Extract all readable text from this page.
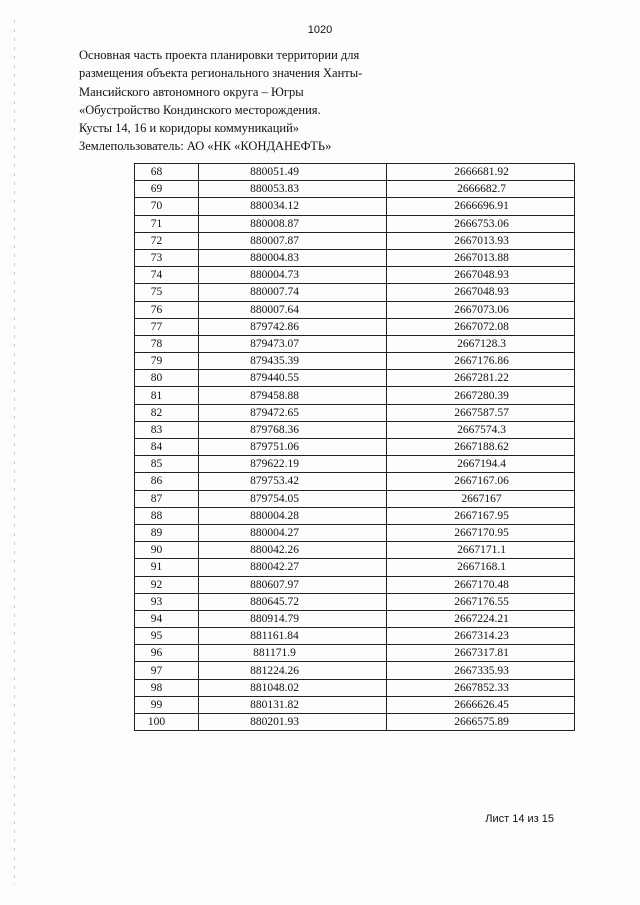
1020
Основная часть проекта планировки территории для
размещения объекта регионального значения Ханты-
Мансийского автономного округа – Югры
«Обустройство Кондинского месторождения.
Кусты 14, 16 и коридоры коммуникаций»
Землепользователь: АО «НК «КОНДАНЕФТЬ»
68	880051.49	2666681.92
69	880053.83	2666682.7
70	880034.12	2666696.91
71	880008.87	2666753.06
72	880007.87	2667013.93
73	880004.83	2667013.88
74	880004.73	2667048.93
75	880007.74	2667048.93
76	880007.64	2667073.06
77	879742.86	2667072.08
78	879473.07	2667128.3
79	879435.39	2667176.86
80	879440.55	2667281.22
81	879458.88	2667280.39
82	879472.65	2667587.57
83	879768.36	2667574.3
84	879751.06	2667188.62
85	879622.19	2667194.4
86	879753.42	2667167.06
87	879754.05	2667167
88	880004.28	2667167.95
89	880004.27	2667170.95
90	880042.26	2667171.1
91	880042.27	2667168.1
92	880607.97	2667170.48
93	880645.72	2667176.55
94	880914.79	2667224.21
95	881161.84	2667314.23
96	881171.9	2667317.81
97	881224.26	2667335.93
98	881048.02	2667852.33
99	880131.82	2666626.45
100	880201.93	2666575.89
Лист 14 из 15
